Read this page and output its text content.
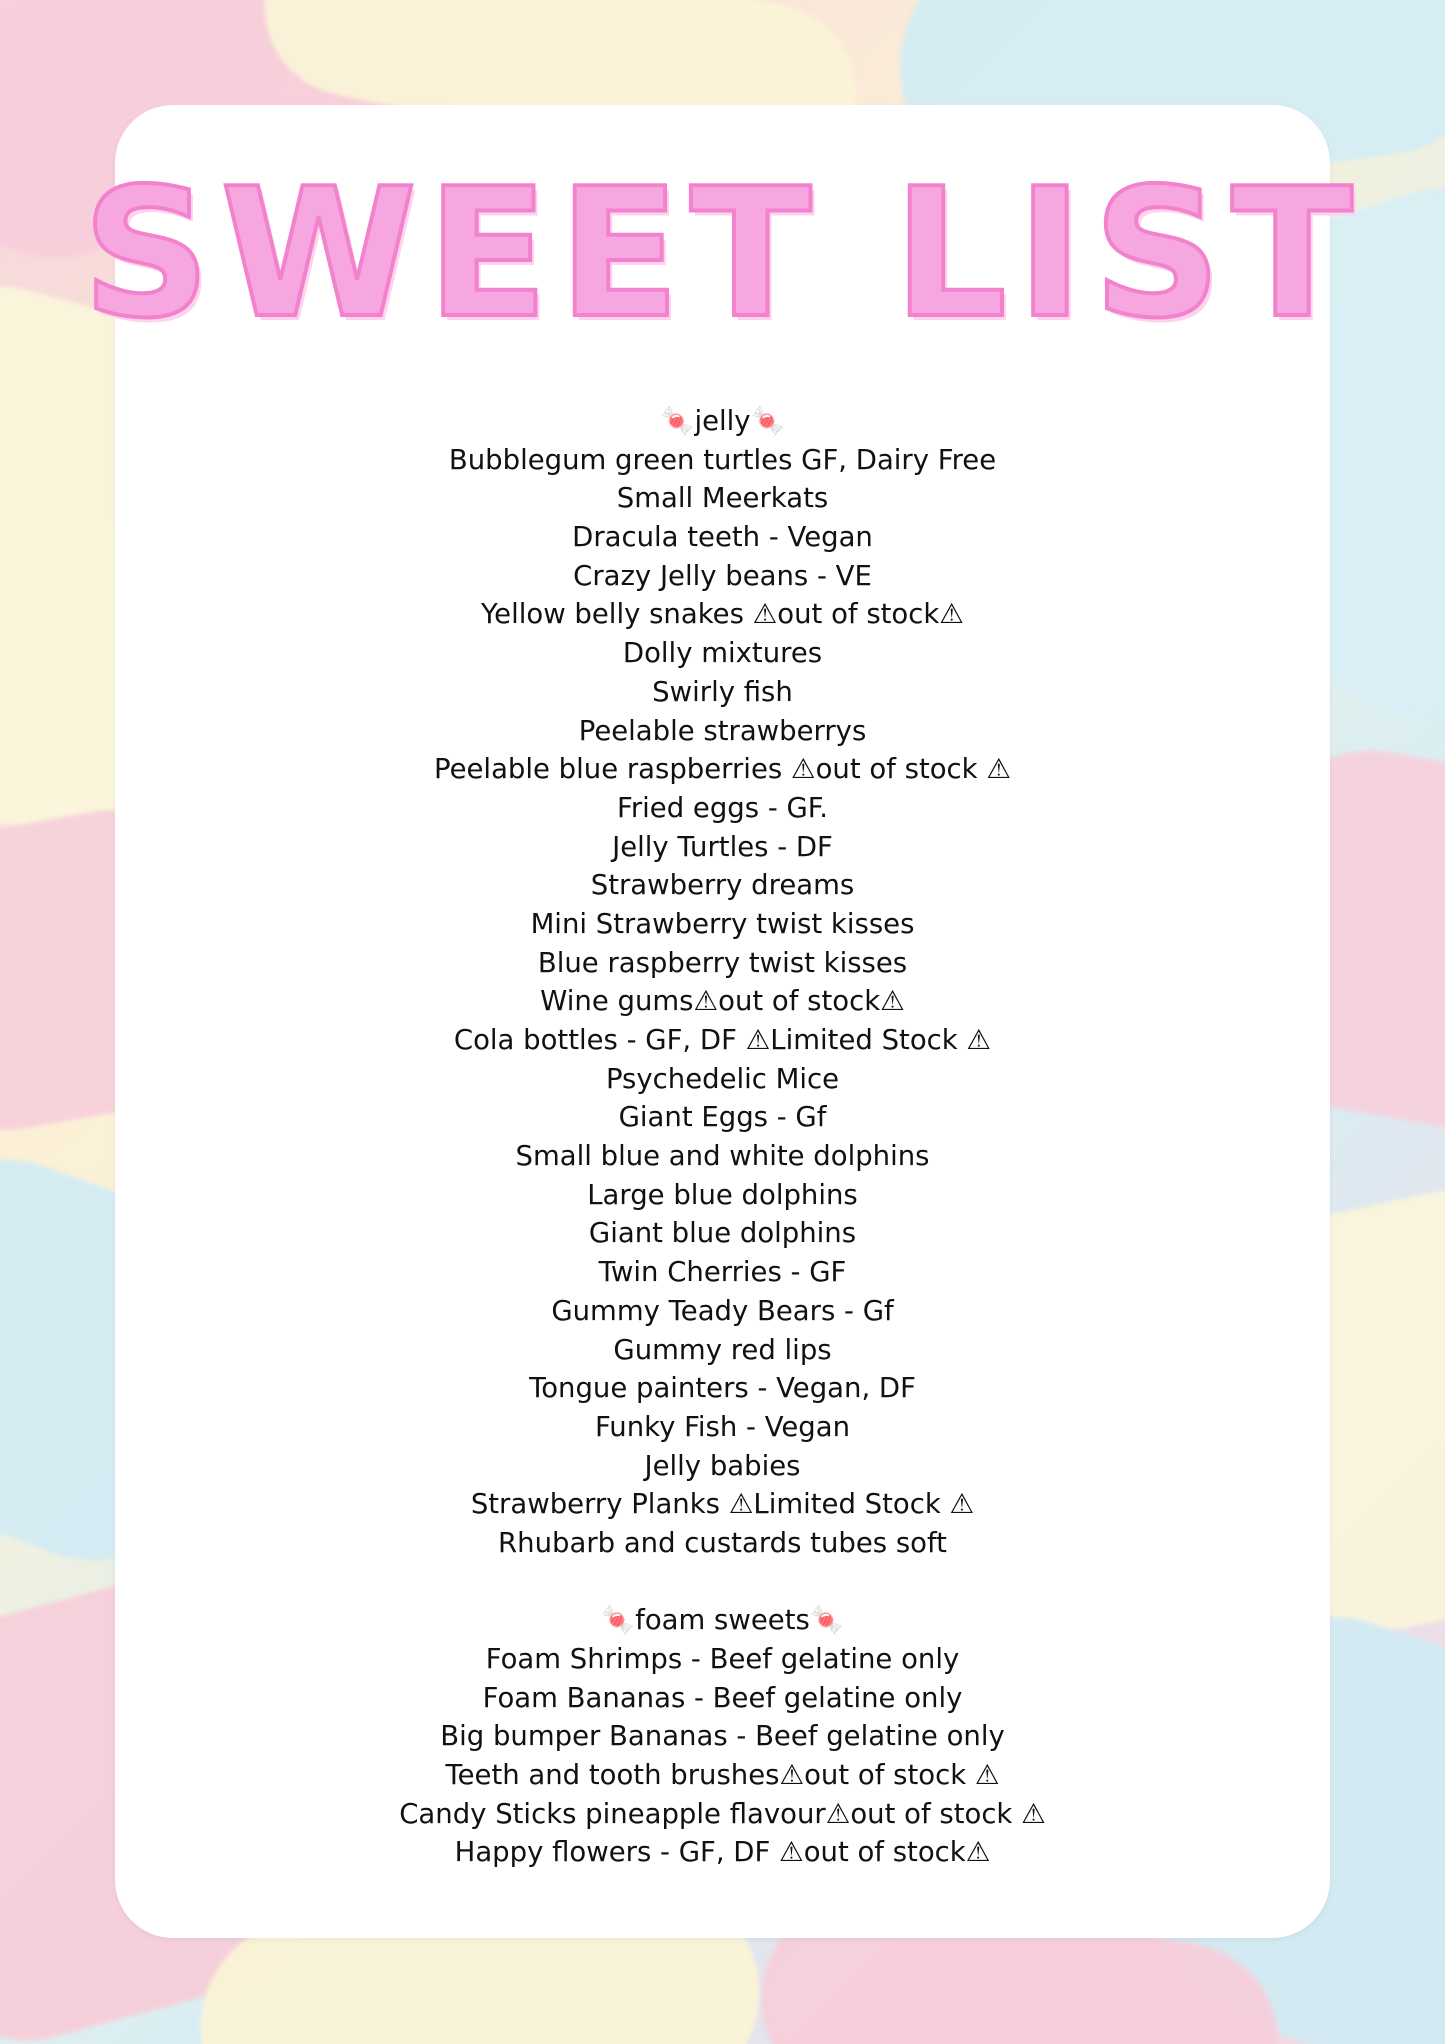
SWEET LIST
🍬jelly🍬
Bubblegum green turtles GF, Dairy Free
Small Meerkats
Dracula teeth - Vegan
Crazy Jelly beans - VE
Yellow belly snakes ⚠out of stock⚠
Dolly mixtures
Swirly fish
Peelable strawberrys
Peelable blue raspberries ⚠out of stock ⚠
Fried eggs - GF.
Jelly Turtles - DF
Strawberry dreams
Mini Strawberry twist kisses
Blue raspberry twist kisses
Wine gums⚠out of stock⚠
Cola bottles - GF, DF ⚠Limited Stock ⚠
Psychedelic Mice
Giant Eggs - Gf
Small blue and white dolphins
Large blue dolphins
Giant blue dolphins
Twin Cherries - GF
Gummy Teady Bears - Gf
Gummy red lips
Tongue painters - Vegan, DF
Funky Fish - Vegan
Jelly babies
Strawberry Planks ⚠Limited Stock ⚠
Rhubarb and custards tubes soft
🍬foam sweets🍬
Foam Shrimps - Beef gelatine only
Foam Bananas - Beef gelatine only
Big bumper Bananas - Beef gelatine only
Teeth and tooth brushes⚠out of stock ⚠
Candy Sticks pineapple flavour⚠out of stock ⚠
Happy flowers - GF, DF ⚠out of stock⚠
